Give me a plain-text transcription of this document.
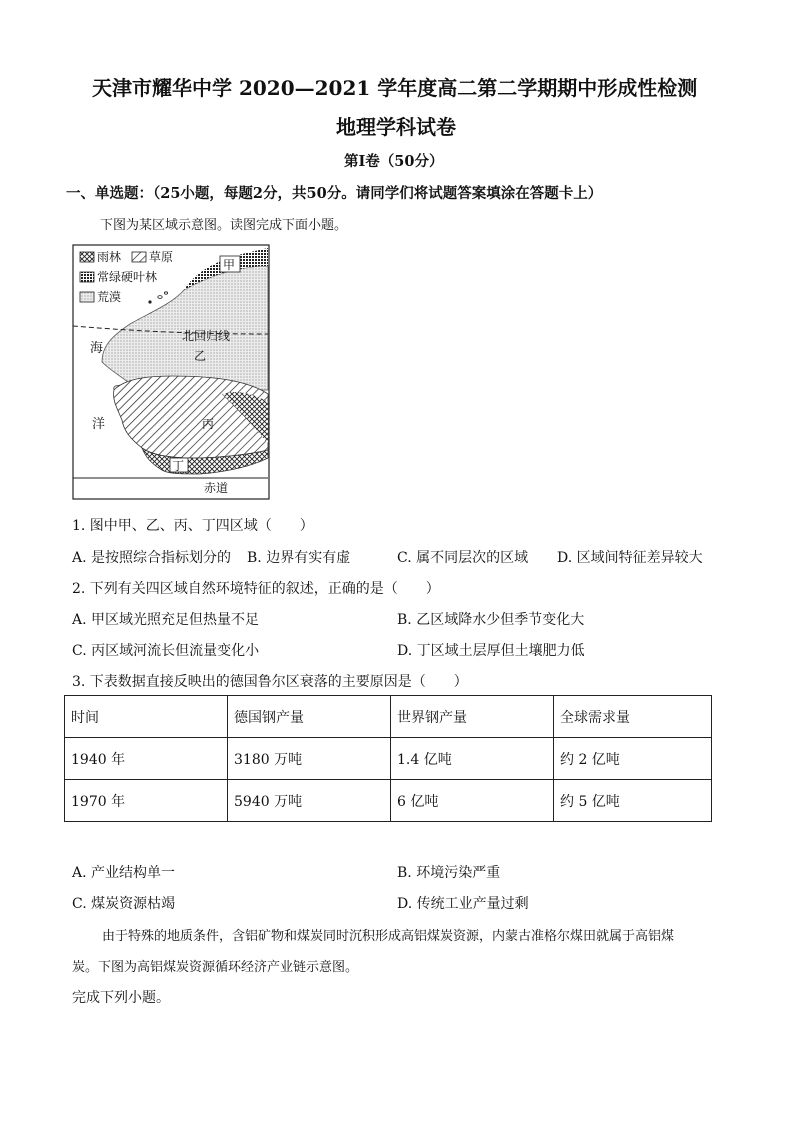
天津市耀华中学 2020—2021 学年度高二第二学期期中形成性检测
地理学科试卷
第Ⅰ卷（50分）
一、单选题：（25小题，每题2分，共50分。请同学们将试题答案填涂在答题卡上）
下图为某区域示意图。读图完成下面小题。
甲
北回归线
乙
丙
丁
赤道
海
洋
雨林 草原
常绿硬叶林
荒漠
1. 图中甲、乙、丙、丁四区域（　　）
A. 是按照综合指标划分的 B. 边界有实有虚	C. 属不同层次的区域 D. 区域间特征差异较大
2. 下列有关四区域自然环境特征的叙述，正确的是（　　）
A. 甲区域光照充足但热量不足	B. 乙区域降水少但季节变化大
C. 丙区域河流长但流量变化小	D. 丁区域土层厚但土壤肥力低
3. 下表数据直接反映出的德国鲁尔区衰落的主要原因是（　　）
时间	德国钢产量	世界钢产量	全球需求量
1940 年	3180 万吨	1.4 亿吨	约 2 亿吨
1970 年	5940 万吨	6 亿吨	约 5 亿吨
A. 产业结构单一	B. 环境污染严重
C. 煤炭资源枯竭	D. 传统工业产量过剩
由于特殊的地质条件，含铝矿物和煤炭同时沉积形成高铝煤炭资源，内蒙古准格尔煤田就属于高铝煤
炭。下图为高铝煤炭资源循环经济产业链示意图。
完成下列小题。
